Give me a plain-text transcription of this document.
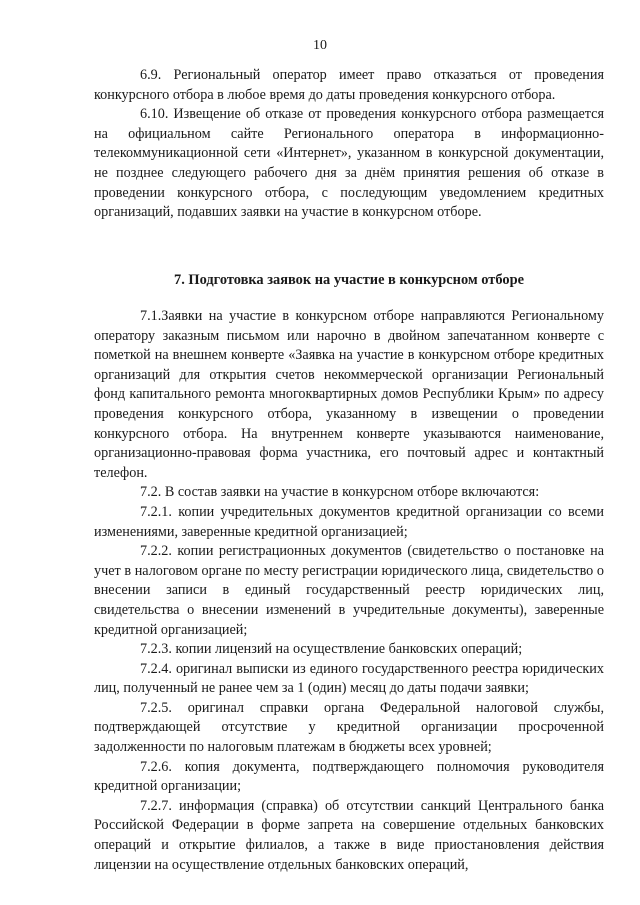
10

6.9. Региональный оператор имеет право отказаться от проведения конкурсного отбора в любое время до даты проведения конкурсного отбора.

6.10. Извещение об отказе от проведения конкурсного отбора размещается на официальном сайте Регионального оператора в информационно-телекоммуникационной сети «Интернет», указанном в конкурсной документации, не позднее следующего рабочего дня за днём принятия решения об отказе в проведении конкурсного отбора, с последующим уведомлением кредитных организаций, подавших заявки на участие в конкурсном отборе.

7. Подготовка заявок на участие в конкурсном отборе

7.1.Заявки на участие в конкурсном отборе направляются Региональному оператору заказным письмом или нарочно в двойном запечатанном конверте с пометкой на внешнем конверте «Заявка на участие в конкурсном отборе кредитных организаций для открытия счетов некоммерческой организации Региональный фонд капитального ремонта многоквартирных домов Республики Крым» по адресу проведения конкурсного отбора, указанному в извещении о проведении конкурсного отбора. На внутреннем конверте указываются наименование, организационно-правовая форма участника, его почтовый адрес и контактный телефон.

7.2. В состав заявки на участие в конкурсном отборе включаются:

7.2.1. копии учредительных документов кредитной организации со всеми изменениями, заверенные кредитной организацией;

7.2.2. копии регистрационных документов (свидетельство о постановке на учет в налоговом органе по месту регистрации юридического лица, свидетельство о внесении записи в единый государственный реестр юридических лиц, свидетельства о внесении изменений в учредительные документы), заверенные кредитной организацией;

7.2.3. копии лицензий на осуществление банковских операций;

7.2.4. оригинал выписки из единого государственного реестра юридических лиц, полученный не ранее чем за 1 (один) месяц до даты подачи заявки;

7.2.5. оригинал справки органа Федеральной налоговой службы, подтверждающей отсутствие у кредитной организации просроченной задолженности по налоговым платежам в бюджеты всех уровней;

7.2.6. копия документа, подтверждающего полномочия руководителя кредитной организации;

7.2.7. информация (справка) об отсутствии санкций Центрального банка Российской Федерации в форме запрета на совершение отдельных банковских операций и открытие филиалов, а также в виде приостановления действия лицензии на осуществление отдельных банковских операций,
